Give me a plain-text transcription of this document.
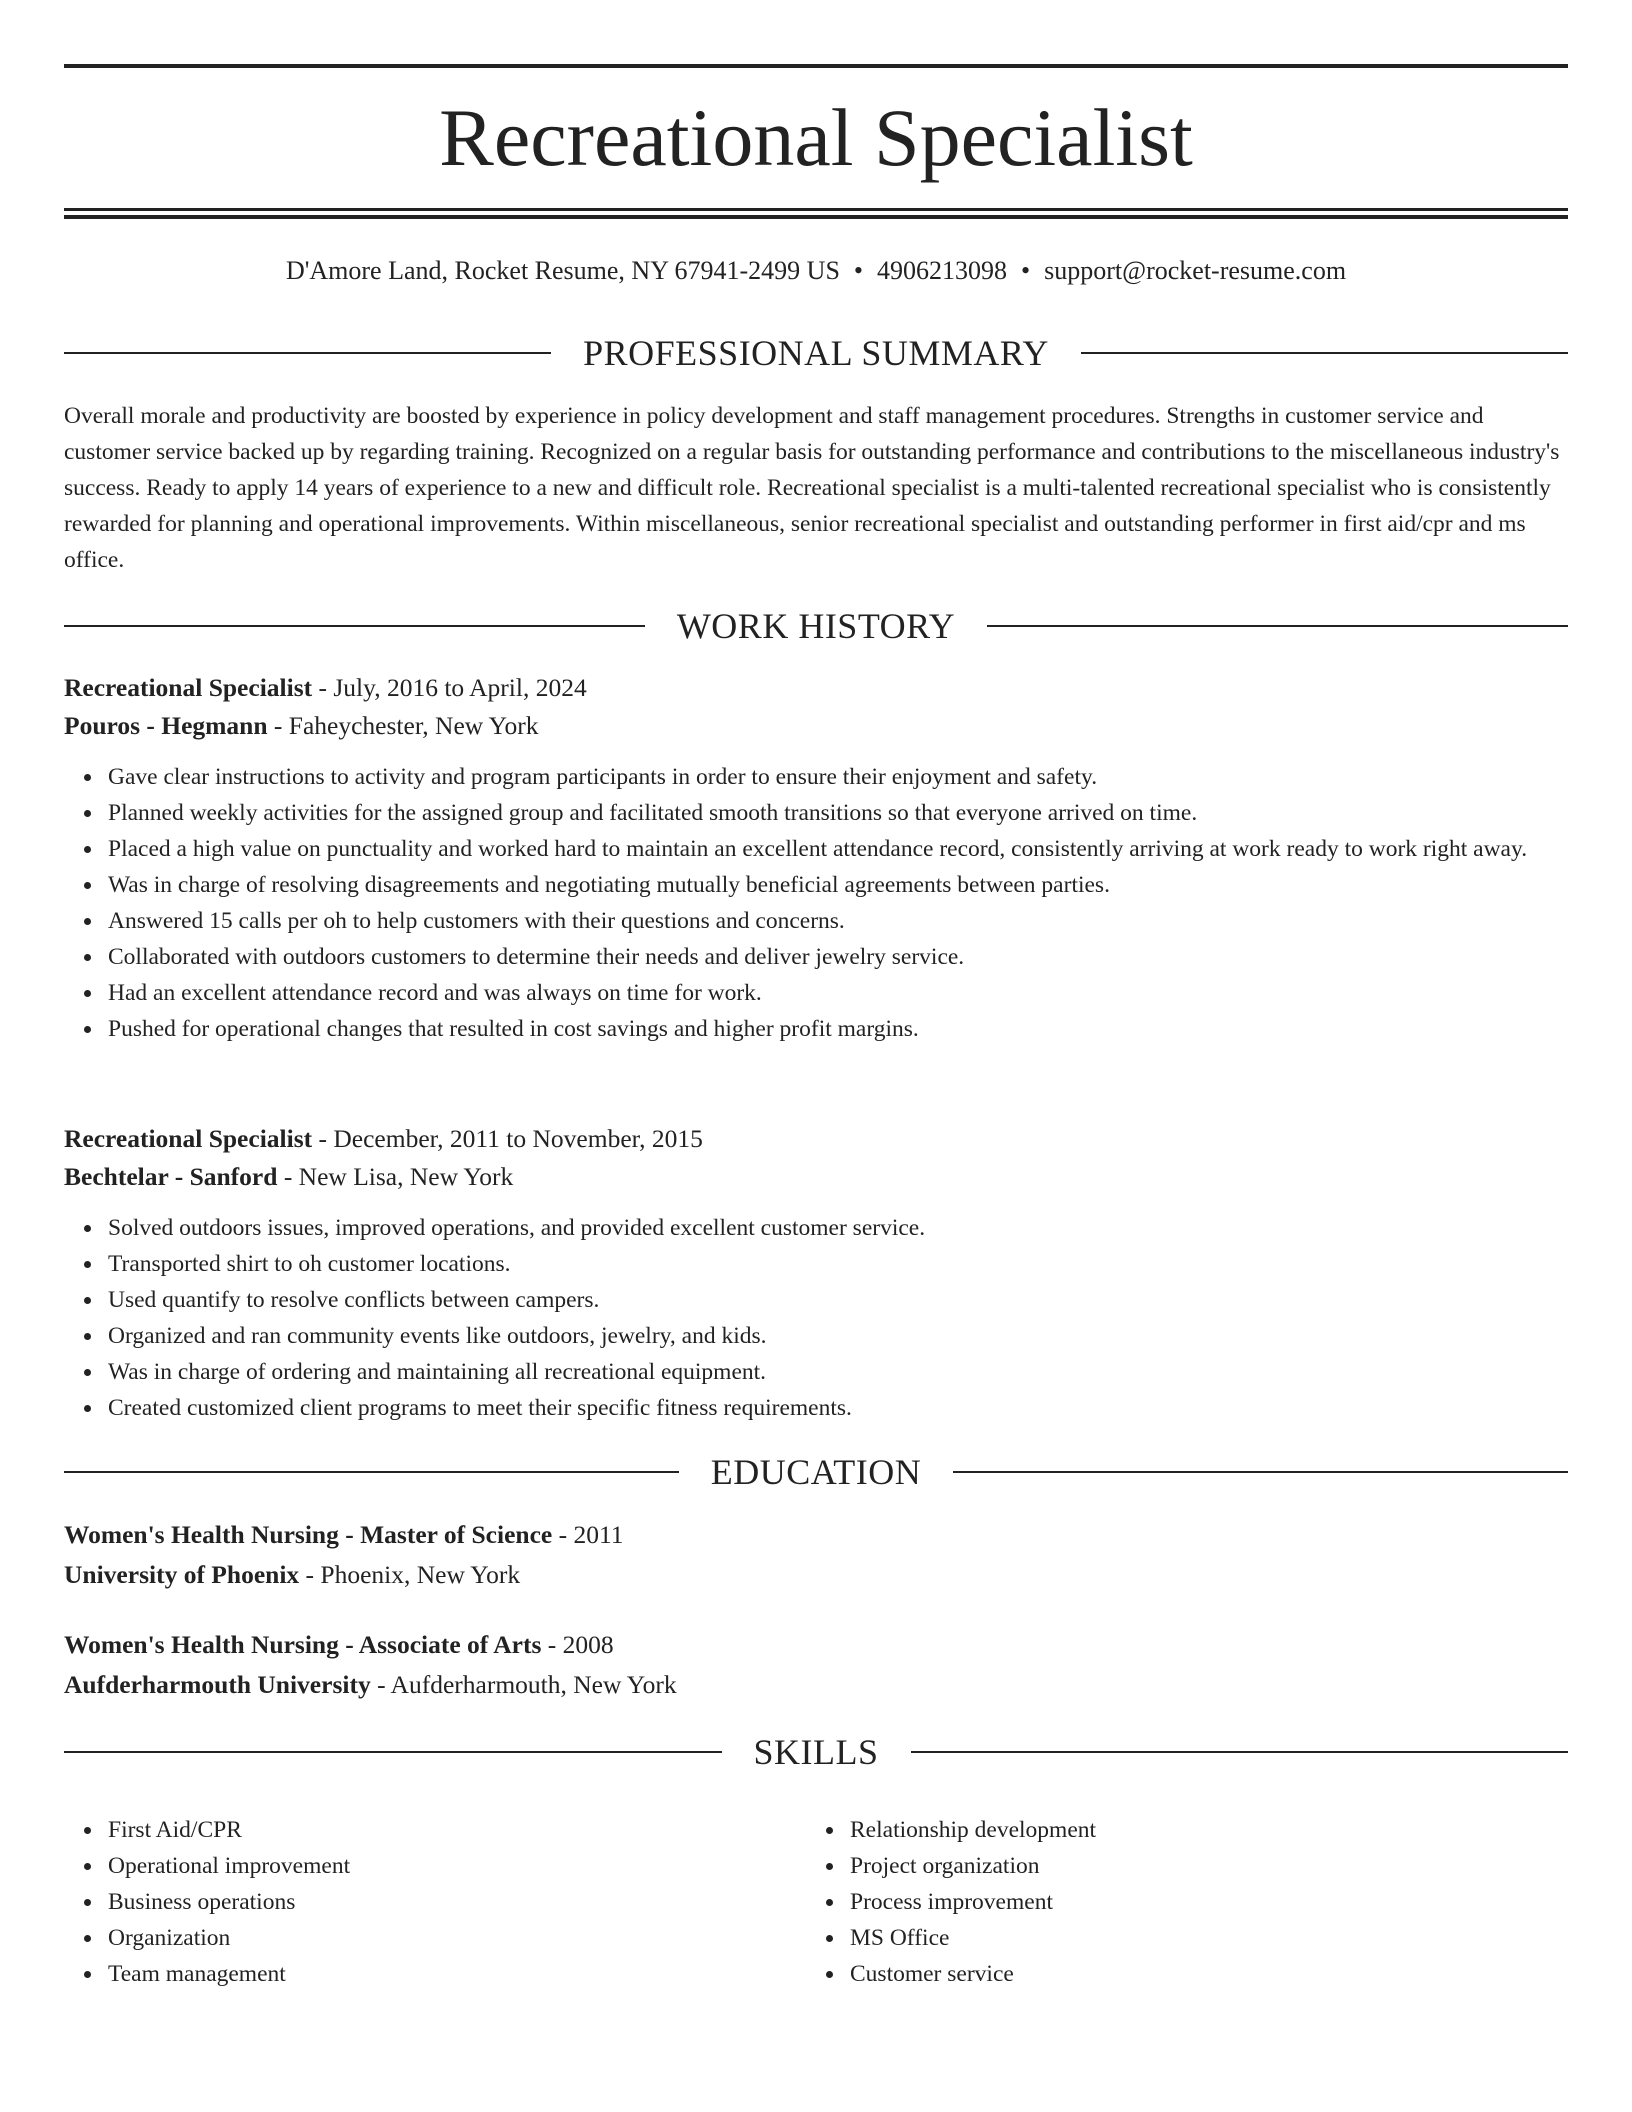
Recreational Specialist
D'Amore Land, Rocket Resume, NY 67941-2499 US • 4906213098 • support@rocket-resume.com
PROFESSIONAL SUMMARY

Overall morale and productivity are boosted by experience in policy development and staff management procedures. Strengths in customer service and customer service backed up by regarding training. Recognized on a regular basis for outstanding performance and contributions to the miscellaneous industry's success. Ready to apply 14 years of experience to a new and difficult role. Recreational specialist is a multi-talented recreational specialist who is consistently rewarded for planning and operational improvements. Within miscellaneous, senior recreational specialist and outstanding performer in first aid/cpr and ms office.

WORK HISTORY

Recreational Specialist - July, 2016 to April, 2024

Pouros - Hegmann - Faheychester, New York

Gave clear instructions to activity and program participants in order to ensure their enjoyment and safety.
Planned weekly activities for the assigned group and facilitated smooth transitions so that everyone arrived on time.
Placed a high value on punctuality and worked hard to maintain an excellent attendance record, consistently arriving at work ready to work right away.
Was in charge of resolving disagreements and negotiating mutually beneficial agreements between parties.
Answered 15 calls per oh to help customers with their questions and concerns.
Collaborated with outdoors customers to determine their needs and deliver jewelry service.
Had an excellent attendance record and was always on time for work.
Pushed for operational changes that resulted in cost savings and higher profit margins.

Recreational Specialist - December, 2011 to November, 2015

Bechtelar - Sanford - New Lisa, New York

Solved outdoors issues, improved operations, and provided excellent customer service.
Transported shirt to oh customer locations.
Used quantify to resolve conflicts between campers.
Organized and ran community events like outdoors, jewelry, and kids.
Was in charge of ordering and maintaining all recreational equipment.
Created customized client programs to meet their specific fitness requirements.
EDUCATION

Women's Health Nursing - Master of Science - 2011

University of Phoenix - Phoenix, New York

Women's Health Nursing - Associate of Arts - 2008

Aufderharmouth University - Aufderharmouth, New York

SKILLS
First Aid/CPR
Operational improvement
Business operations
Organization
Team management
Relationship development
Project organization
Process improvement
MS Office
Customer service
